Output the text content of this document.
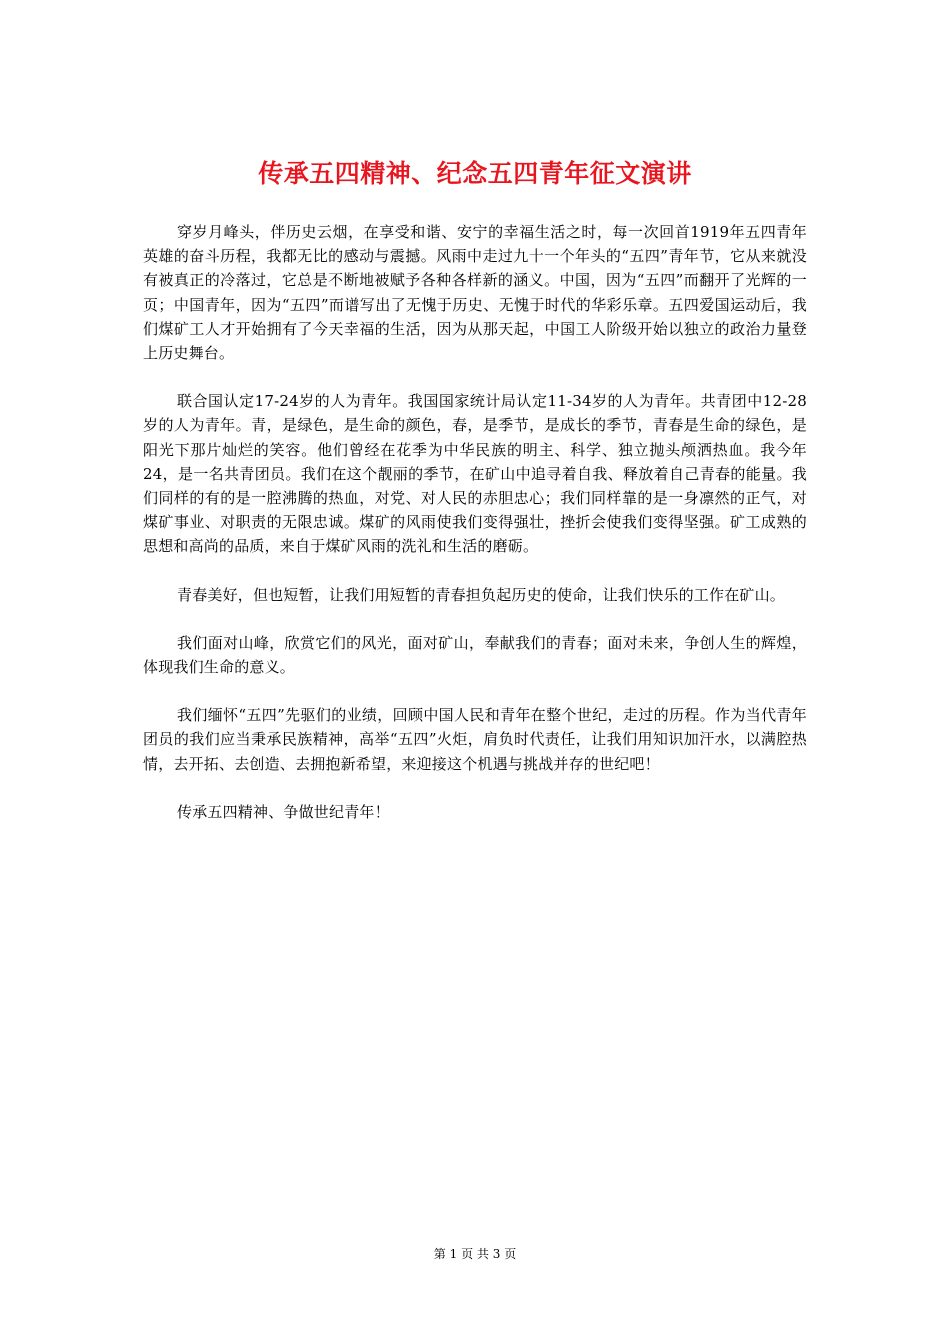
传承五四精神、纪念五四青年征文演讲

穿岁月峰头，伴历史云烟，在享受和谐、安宁的幸福生活之时，每一次回首1919年五四青年英雄的奋斗历程，我都无比的感动与震撼。风雨中走过九十一个年头的“五四”青年节，它从来就没有被真正的冷落过，它总是不断地被赋予各种各样新的涵义。中国，因为“五四”而翻开了光辉的一页；中国青年，因为“五四”而谱写出了无愧于历史、无愧于时代的华彩乐章。五四爱国运动后，我们煤矿工人才开始拥有了今天幸福的生活，因为从那天起，中国工人阶级开始以独立的政治力量登上历史舞台。

联合国认定17-24岁的人为青年。我国国家统计局认定11-34岁的人为青年。共青团中12-28岁的人为青年。青，是绿色，是生命的颜色，春，是季节，是成长的季节，青春是生命的绿色，是阳光下那片灿烂的笑容。他们曾经在花季为中华民族的明主、科学、独立抛头颅洒热血。我今年24，是一名共青团员。我们在这个靓丽的季节，在矿山中追寻着自我、释放着自己青春的能量。我们同样的有的是一腔沸腾的热血，对党、对人民的赤胆忠心；我们同样靠的是一身凛然的正气，对煤矿事业、对职责的无限忠诚。煤矿的风雨使我们变得强壮，挫折会使我们变得坚强。矿工成熟的思想和高尚的品质，来自于煤矿风雨的洗礼和生活的磨砺。

青春美好，但也短暂，让我们用短暂的青春担负起历史的使命，让我们快乐的工作在矿山。

我们面对山峰，欣赏它们的风光，面对矿山，奉献我们的青春；面对未来，争创人生的辉煌，体现我们生命的意义。

我们缅怀“五四”先驱们的业绩，回顾中国人民和青年在整个世纪，走过的历程。作为当代青年团员的我们应当秉承民族精神，高举“五四”火炬，肩负时代责任，让我们用知识加汗水，以满腔热情，去开拓、去创造、去拥抱新希望，来迎接这个机遇与挑战并存的世纪吧！

传承五四精神、争做世纪青年！

第 1 页 共 3 页
